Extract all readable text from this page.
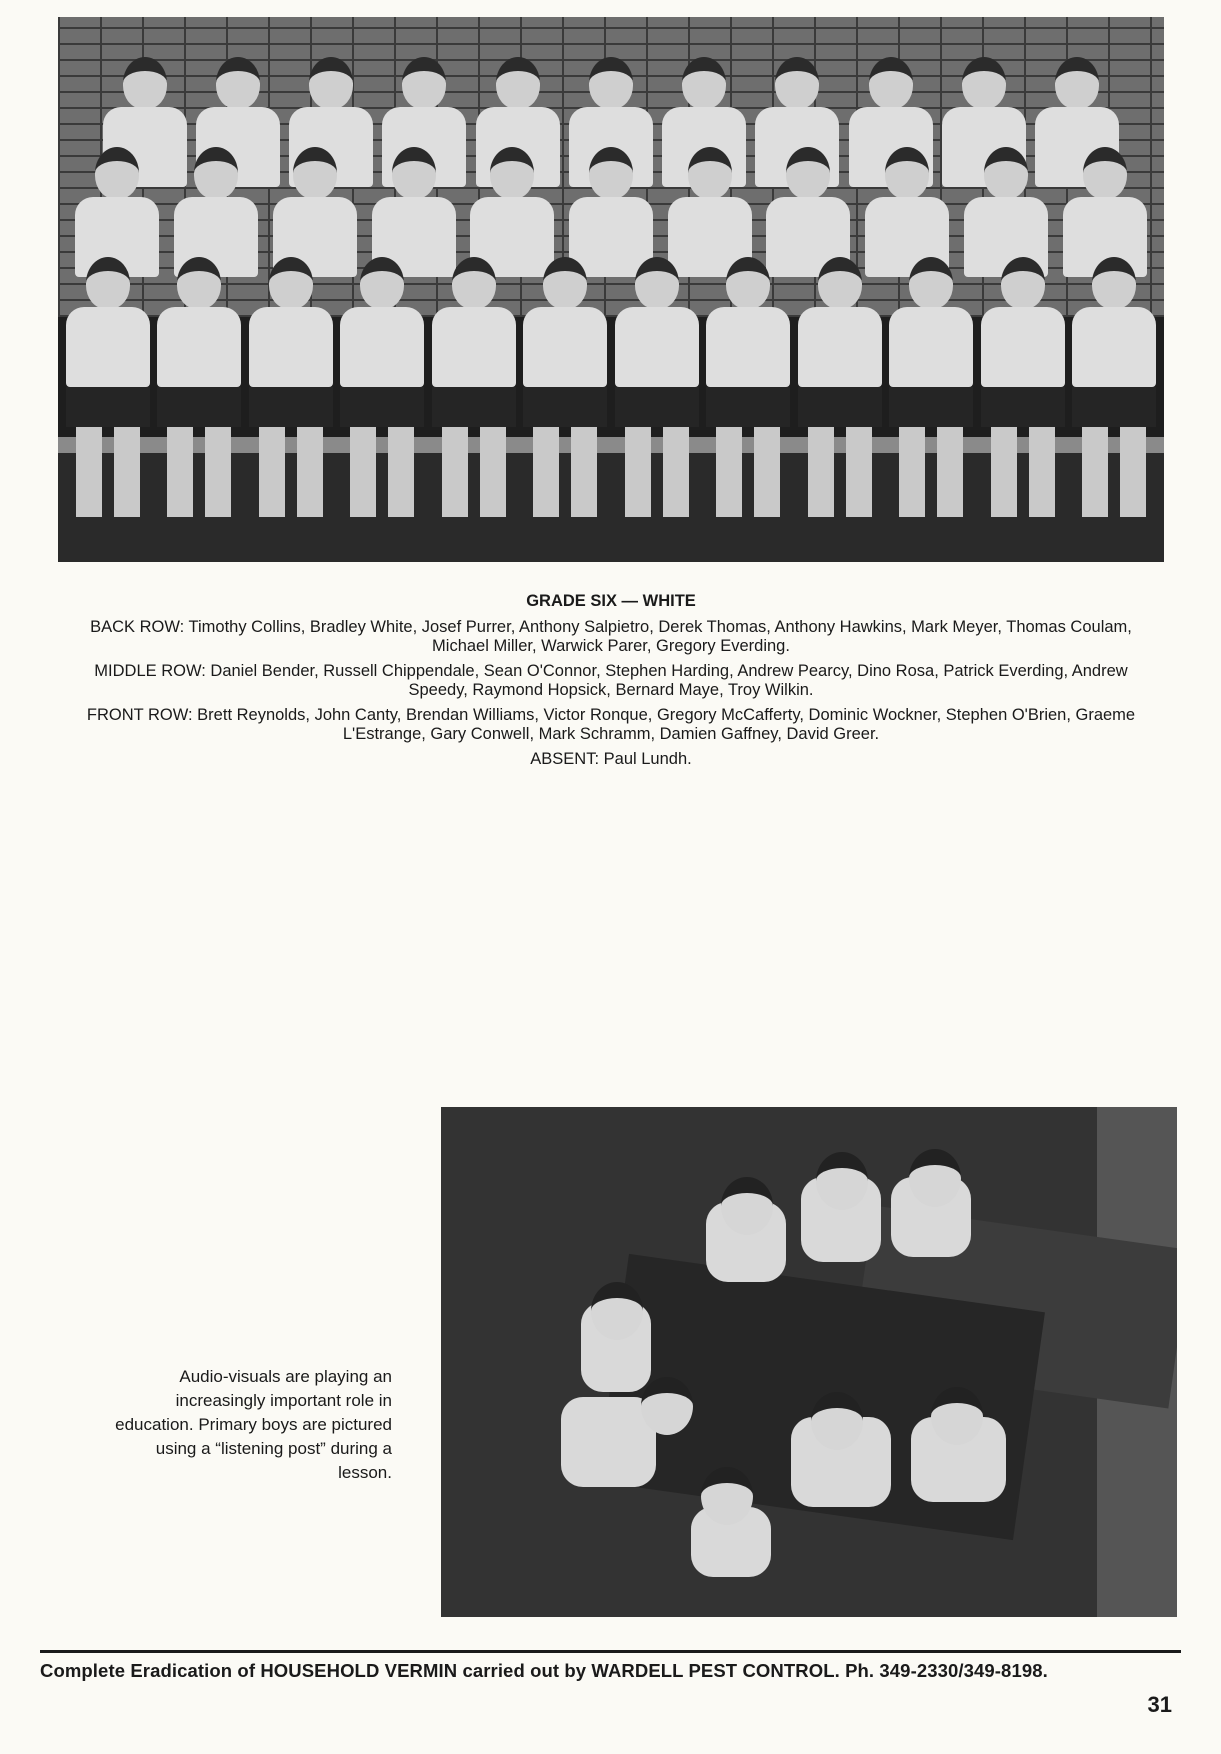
GRADE SIX — WHITE
BACK ROW: Timothy Collins, Bradley White, Josef Purrer, Anthony Salpietro, Derek Thomas, Anthony Hawkins, Mark Meyer, Thomas Coulam, Michael Miller, Warwick Parer, Gregory Everding.
MIDDLE ROW: Daniel Bender, Russell Chippendale, Sean O'Connor, Stephen Harding, Andrew Pearcy, Dino Rosa, Patrick Everding, Andrew Speedy, Raymond Hopsick, Bernard Maye, Troy Wilkin.
FRONT ROW: Brett Reynolds, John Canty, Brendan Williams, Victor Ronque, Gregory McCafferty, Dominic Wockner, Stephen O'Brien, Graeme L'Estrange, Gary Conwell, Mark Schramm, Damien Gaffney, David Greer.
ABSENT: Paul Lundh.
Audio-visuals are playing an increasingly important role in education. Primary boys are pictured using a “listening post” during a lesson.
Complete Eradication of HOUSEHOLD VERMIN carried out by WARDELL PEST CONTROL. Ph. 349-2330/349-8198.
31
